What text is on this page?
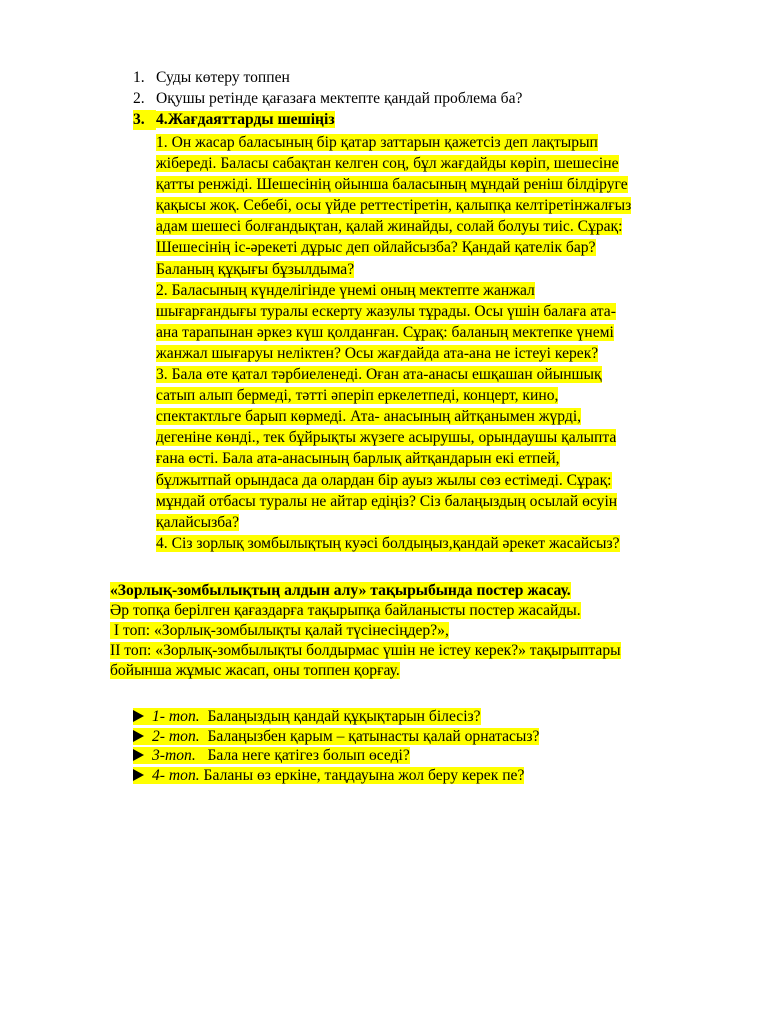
1. Суды көтеру топпен
2. Оқушы ретінде қағазаға мектепте қандай проблема ба?
3. 4.Жағдаяттарды шешіңіз
1. Он жасар баласының бір қатар заттарын қажетсіз деп лақтырып
жібереді. Баласы сабақтан келген соң, бұл жағдайды көріп, шешесіне
қатты ренжіді. Шешесінің ойынша баласының мұндай реніш білдіруге
қақысы жоқ. Себебі, осы үйде реттестіретін, қалыпқа келтіретінжалғыз
адам шешесі болғандықтан, қалай жинайды, солай болуы тиіс. Сұрақ:
Шешесінің іс-әрекеті дұрыс деп ойлайсызба? Қандай қателік бар?
Баланың құқығы бұзылдыма?
2. Баласының күнделігінде үнемі оның мектепте жанжал
шығарғандығы туралы ескерту жазулы тұрады. Осы үшін балаға ата-
ана тарапынан әркез күш қолданған. Сұрақ: баланың мектепке үнемі
жанжал шығаруы неліктен? Осы жағдайда ата-ана не істеуі керек?
3. Бала өте қатал тәрбиеленеді. Оған ата-анасы ешқашан ойыншық
сатып алып бермеді, тәтті әперіп еркелетпеді, концерт, кино,
спектактльге барып көрмеді. Ата- анасының айтқанымен жүрді,
дегеніне көнді., тек бұйрықты жүзеге асырушы, орындаушы қалыпта
ғана өсті. Бала ата-анасының барлық айтқандарын екі етпей,
бұлжытпай орындаса да олардан бір ауыз жылы сөз естімеді. Сұрақ:
мұндай отбасы туралы не айтар едіңіз? Сіз балаңыздың осылай өсуін
қалайсызба?
4. Сіз зорлық зомбылықтың куәсі болдыңыз,қандай әрекет жасайсыз?
«Зорлық-зомбылықтың алдын алу» тақырыбында постер жасау.
Әр топқа берілген қағаздарға тақырыпқа байланысты постер жасайды.
І топ: «Зорлық-зомбылықты қалай түсінесіңдер?»,
ІІ топ: «Зорлық-зомбылықты болдырмас үшін не істеу керек?» тақырыптары
бойынша жұмыс жасап, оны топпен қорғау.
1- топ.  Балаңыздың қандай құқықтарын білесіз?
2- топ.  Балаңызбен қарым – қатынасты қалай орнатасыз?
3-топ.   Бала неге қатігез болып өседі?
4- топ. Баланы өз еркіне, таңдауына жол беру керек пе?
